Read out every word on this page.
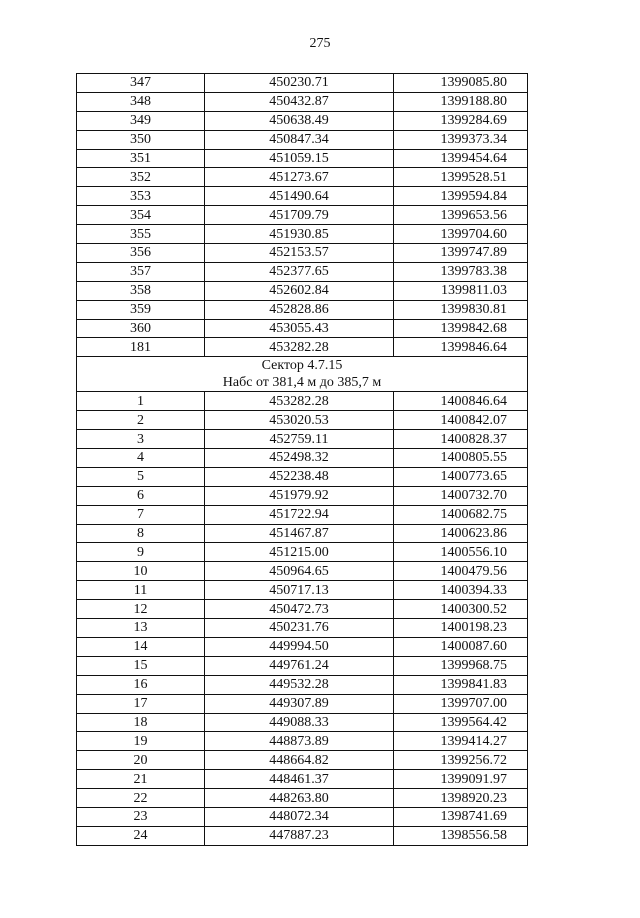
275
347	450230.71	1399085.80
348	450432.87	1399188.80
349	450638.49	1399284.69
350	450847.34	1399373.34
351	451059.15	1399454.64
352	451273.67	1399528.51
353	451490.64	1399594.84
354	451709.79	1399653.56
355	451930.85	1399704.60
356	452153.57	1399747.89
357	452377.65	1399783.38
358	452602.84	1399811.03
359	452828.86	1399830.81
360	453055.43	1399842.68
181	453282.28	1399846.64

Сектор 4.7.15
Набс от 381,4 м до 385,7 м		

1	453282.28	1400846.64
2	453020.53	1400842.07
3	452759.11	1400828.37
4	452498.32	1400805.55
5	452238.48	1400773.65
6	451979.92	1400732.70
7	451722.94	1400682.75
8	451467.87	1400623.86
9	451215.00	1400556.10
10	450964.65	1400479.56
11	450717.13	1400394.33
12	450472.73	1400300.52
13	450231.76	1400198.23
14	449994.50	1400087.60
15	449761.24	1399968.75
16	449532.28	1399841.83
17	449307.89	1399707.00
18	449088.33	1399564.42
19	448873.89	1399414.27
20	448664.82	1399256.72
21	448461.37	1399091.97
22	448263.80	1398920.23
23	448072.34	1398741.69
24	447887.23	1398556.58
